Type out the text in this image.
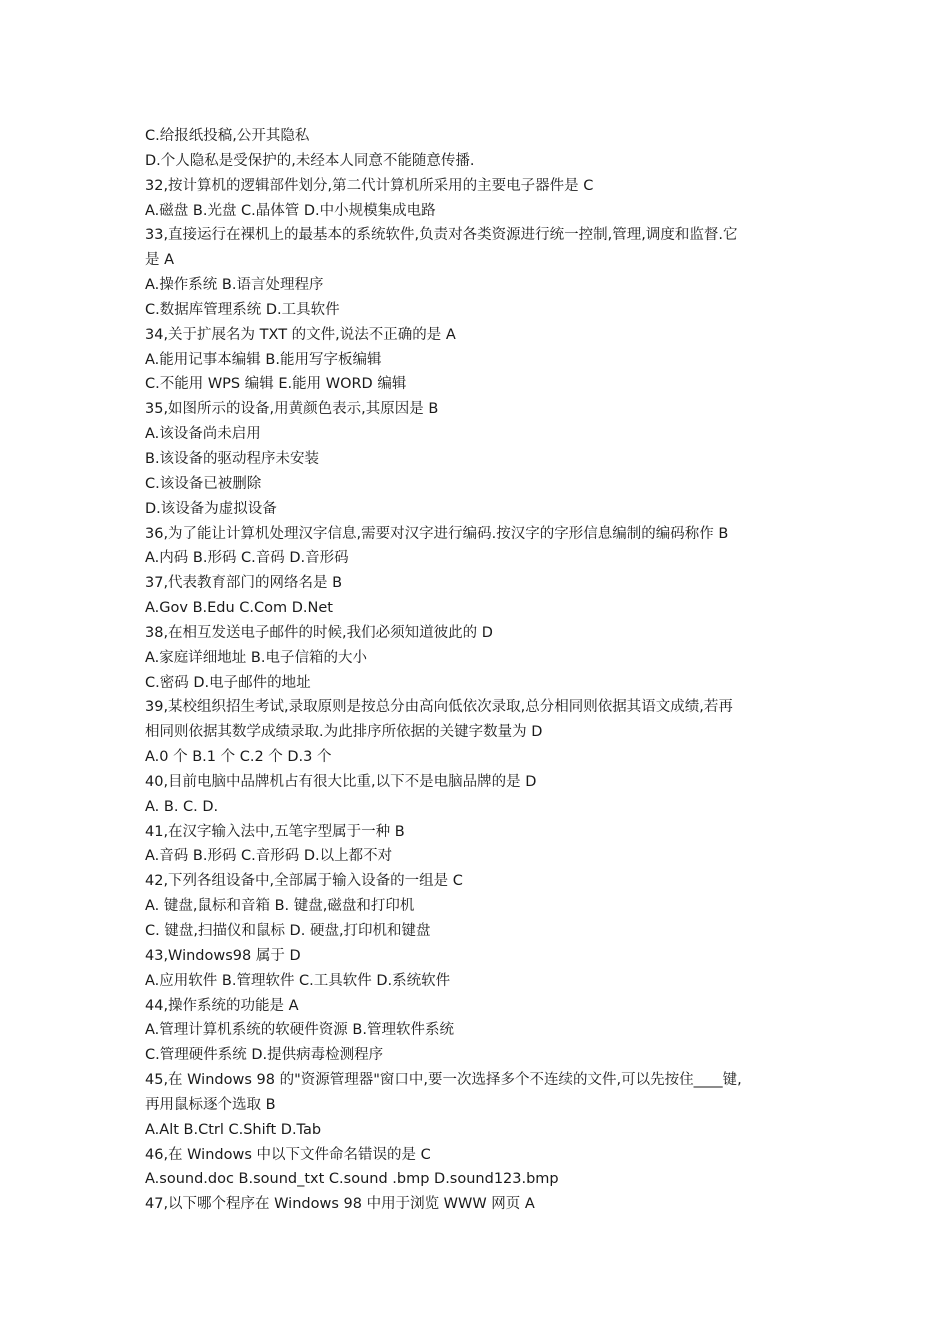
C.给报纸投稿,公开其隐私
D.个人隐私是受保护的,未经本人同意不能随意传播.
32,按计算机的逻辑部件划分,第二代计算机所采用的主要电子器件是 C
A.磁盘 B.光盘 C.晶体管 D.中小规模集成电路
33,直接运行在裸机上的最基本的系统软件,负责对各类资源进行统一控制,管理,调度和监督.它
是 A
A.操作系统 B.语言处理程序
C.数据库管理系统 D.工具软件
34,关于扩展名为 TXT 的文件,说法不正确的是 A
A.能用记事本编辑 B.能用写字板编辑
C.不能用 WPS 编辑 E.能用 WORD 编辑
35,如图所示的设备,用黄颜色表示,其原因是 B
A.该设备尚未启用
B.该设备的驱动程序未安装
C.该设备已被删除
D.该设备为虚拟设备
36,为了能让计算机处理汉字信息,需要对汉字进行编码.按汉字的字形信息编制的编码称作 B
A.内码 B.形码 C.音码 D.音形码
37,代表教育部门的网络名是 B
A.Gov B.Edu C.Com D.Net
38,在相互发送电子邮件的时候,我们必须知道彼此的 D
A.家庭详细地址 B.电子信箱的大小
C.密码 D.电子邮件的地址
39,某校组织招生考试,录取原则是按总分由高向低依次录取,总分相同则依据其语文成绩,若再
相同则依据其数学成绩录取.为此排序所依据的关键字数量为 D
A.0 个 B.1 个 C.2 个 D.3 个
40,目前电脑中品牌机占有很大比重,以下不是电脑品牌的是 D
A. B. C. D.
41,在汉字输入法中,五笔字型属于一种 B
A.音码 B.形码 C.音形码 D.以上都不对
42,下列各组设备中,全部属于输入设备的一组是 C
A. 键盘,鼠标和音箱 B. 键盘,磁盘和打印机
C. 键盘,扫描仪和鼠标 D. 硬盘,打印机和键盘
43,Windows98 属于 D
A.应用软件 B.管理软件 C.工具软件 D.系统软件
44,操作系统的功能是 A
A.管理计算机系统的软硬件资源 B.管理软件系统
C.管理硬件系统 D.提供病毒检测程序
45,在 Windows 98 的"资源管理器"窗口中,要一次选择多个不连续的文件,可以先按住____键,
再用鼠标逐个选取 B
A.Alt B.Ctrl C.Shift D.Tab
46,在 Windows 中以下文件命名错误的是 C
A.sound.doc B.sound_txt C.sound .bmp D.sound123.bmp
47,以下哪个程序在 Windows 98 中用于浏览 WWW 网页 A
